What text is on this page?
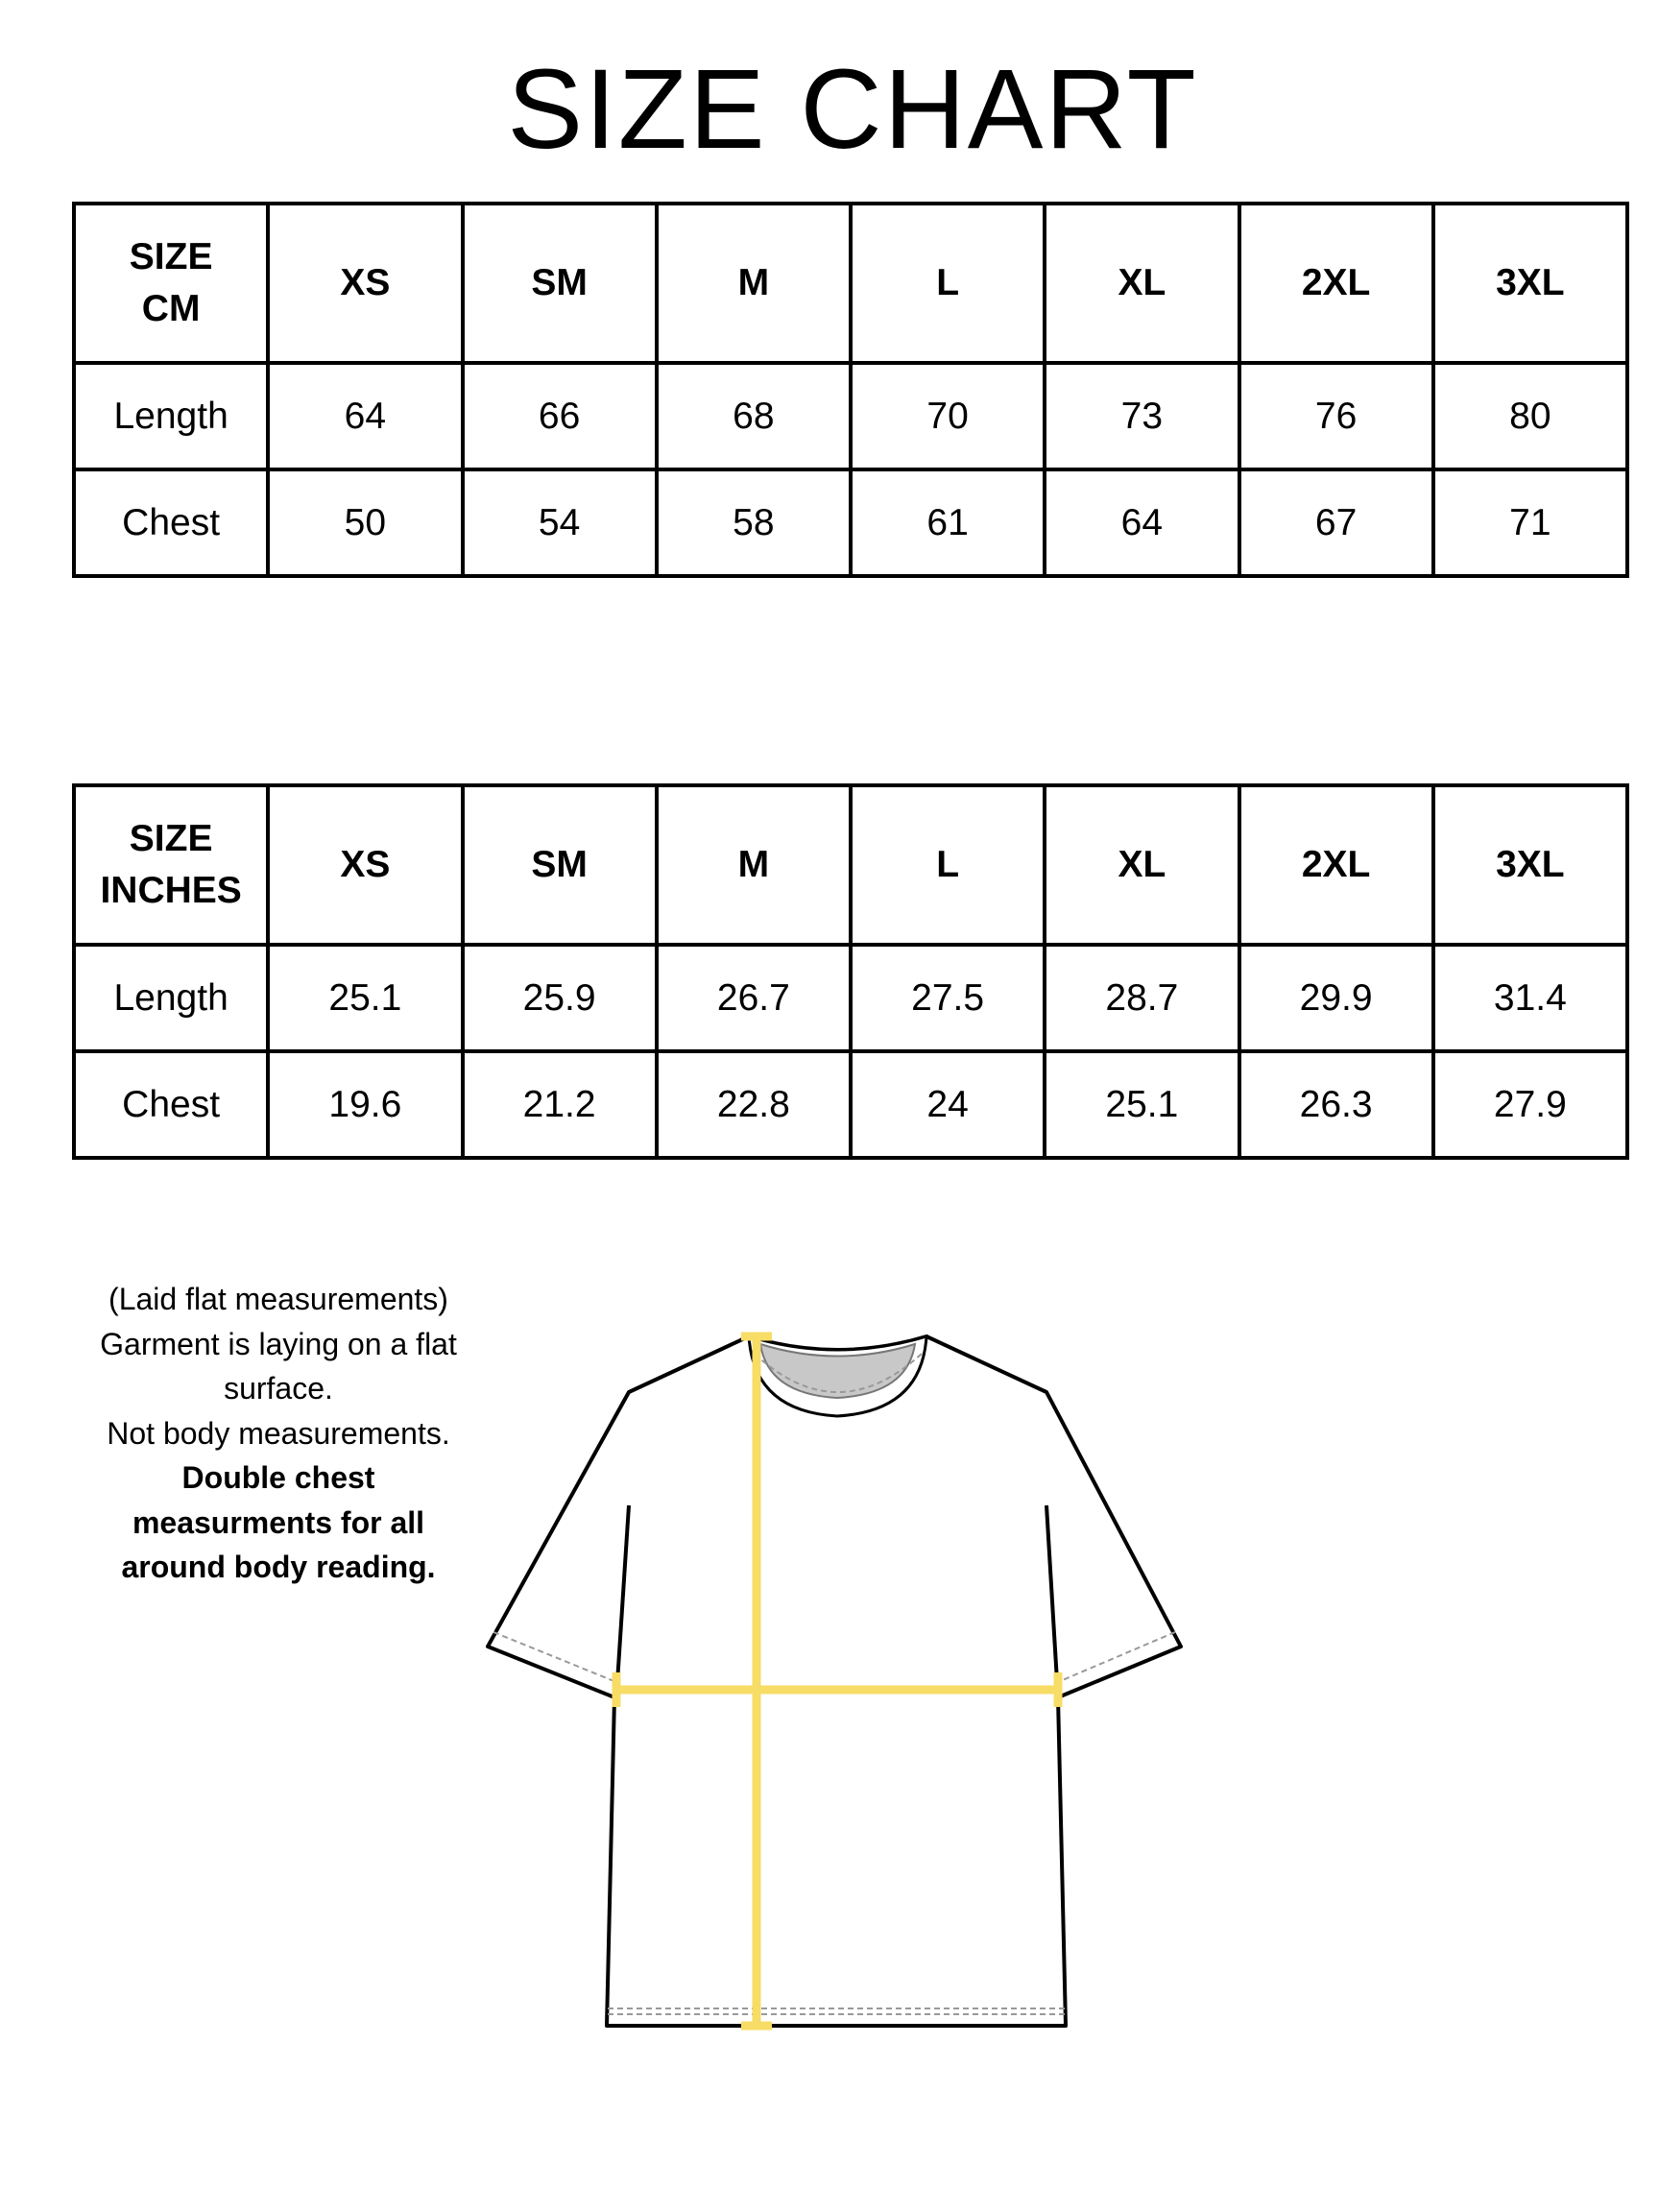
SIZE CHART
SIZE
CM	XS	SM	M	L	XL	2XL	3XL
Length	64	66	68	70	73	76	80
Chest	50	54	58	61	64	67	71
SIZE
INCHES	XS	SM	M	L	XL	2XL	3XL
Length	25.1	25.9	26.7	27.5	28.7	29.9	31.4
Chest	19.6	21.2	22.8	24	25.1	26.3	27.9
(Laid flat measurements)
Garment is laying on a flat
surface.
Not body measurements.
Double chest
measurments for all
around body reading.
